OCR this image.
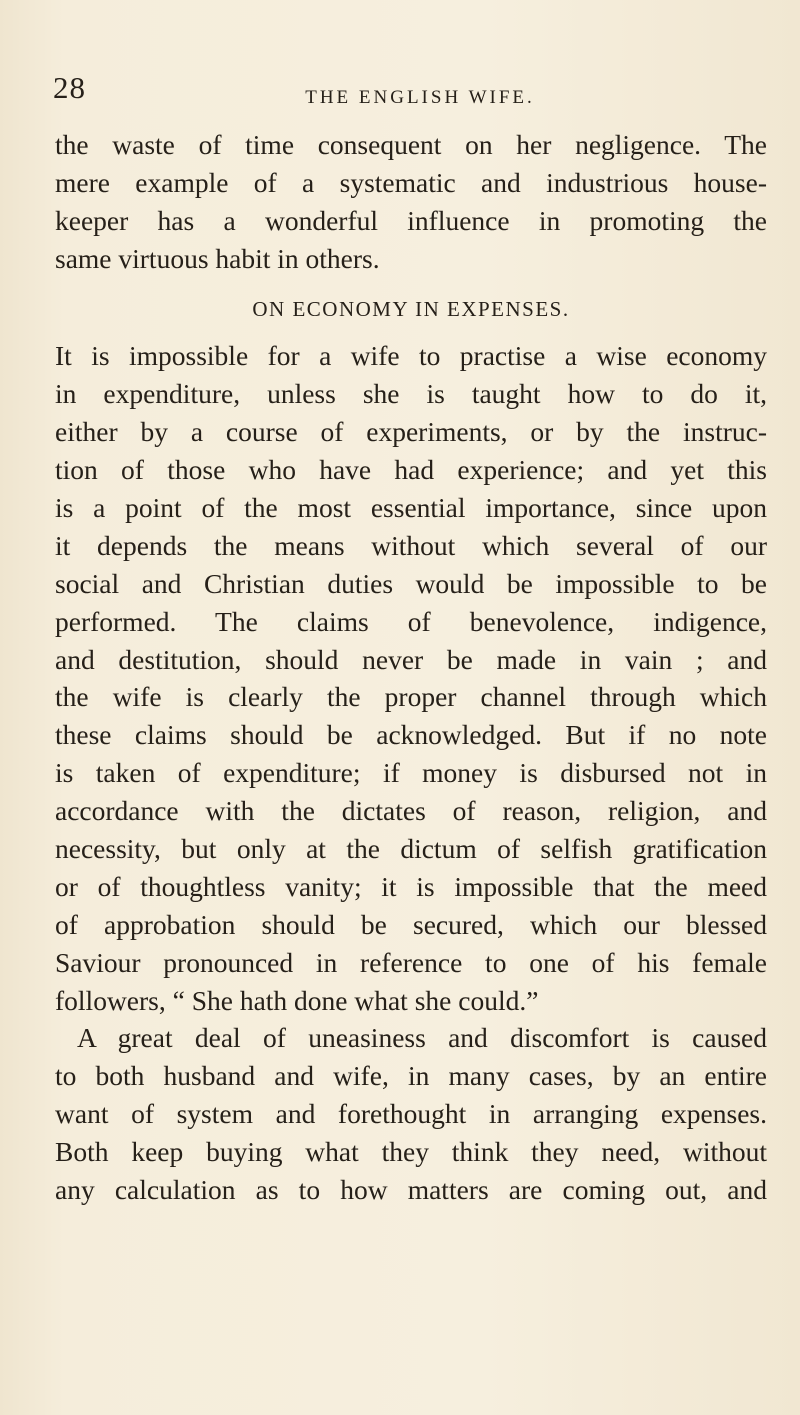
28	THE ENGLISH WIFE.
the waste of time consequent on her negligence. The
mere example of a systematic and industrious house-
keeper has a wonderful influence in promoting the
same virtuous habit in others.
ON ECONOMY IN EXPENSES.
It is impossible for a wife to practise a wise economy
in expenditure, unless she is taught how to do it,
either by a course of experiments, or by the instruc-
tion of those who have had experience; and yet this
is a point of the most essential importance, since upon
it depends the means without which several of our
social and Christian duties would be impossible to be
performed. The claims of benevolence, indigence,
and destitution, should never be made in vain ; and
the wife is clearly the proper channel through which
these claims should be acknowledged. But if no note
is taken of expenditure; if money is disbursed not in
accordance with the dictates of reason, religion, and
necessity, but only at the dictum of selfish gratification
or of thoughtless vanity; it is impossible that the meed
of approbation should be secured, which our blessed
Saviour pronounced in reference to one of his female
followers, “ She hath done what she could.”
A great deal of uneasiness and discomfort is caused
to both husband and wife, in many cases, by an entire
want of system and forethought in arranging expenses.
Both keep buying what they think they need, without
any calculation as to how matters are coming out, and
